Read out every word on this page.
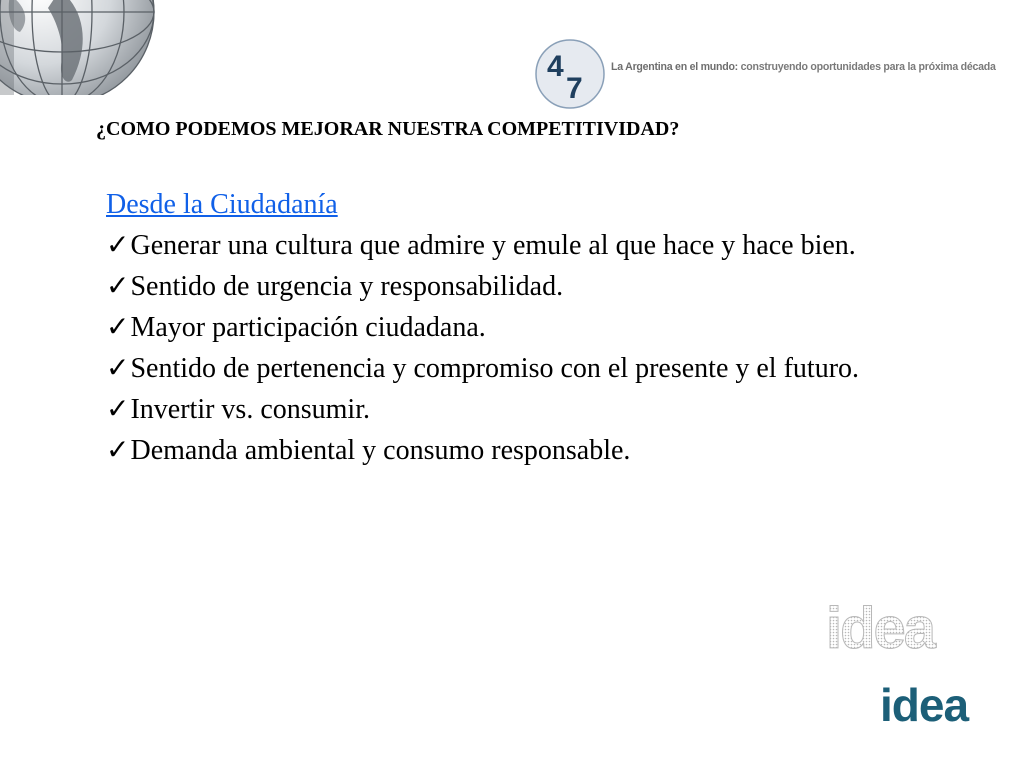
4
7
La Argentina en el mundo: construyendo oportunidades para la próxima década
¿COMO PODEMOS MEJORAR NUESTRA COMPETITIVIDAD?
Desde la Ciudadanía
✓Generar una cultura que admire y emule al que hace y hace bien.
✓Sentido de urgencia y responsabilidad.
✓Mayor participación ciudadana.
✓Sentido de pertenencia y compromiso con el presente y el futuro.
✓Invertir vs. consumir.
✓Demanda ambiental y consumo responsable.
idea
idea
